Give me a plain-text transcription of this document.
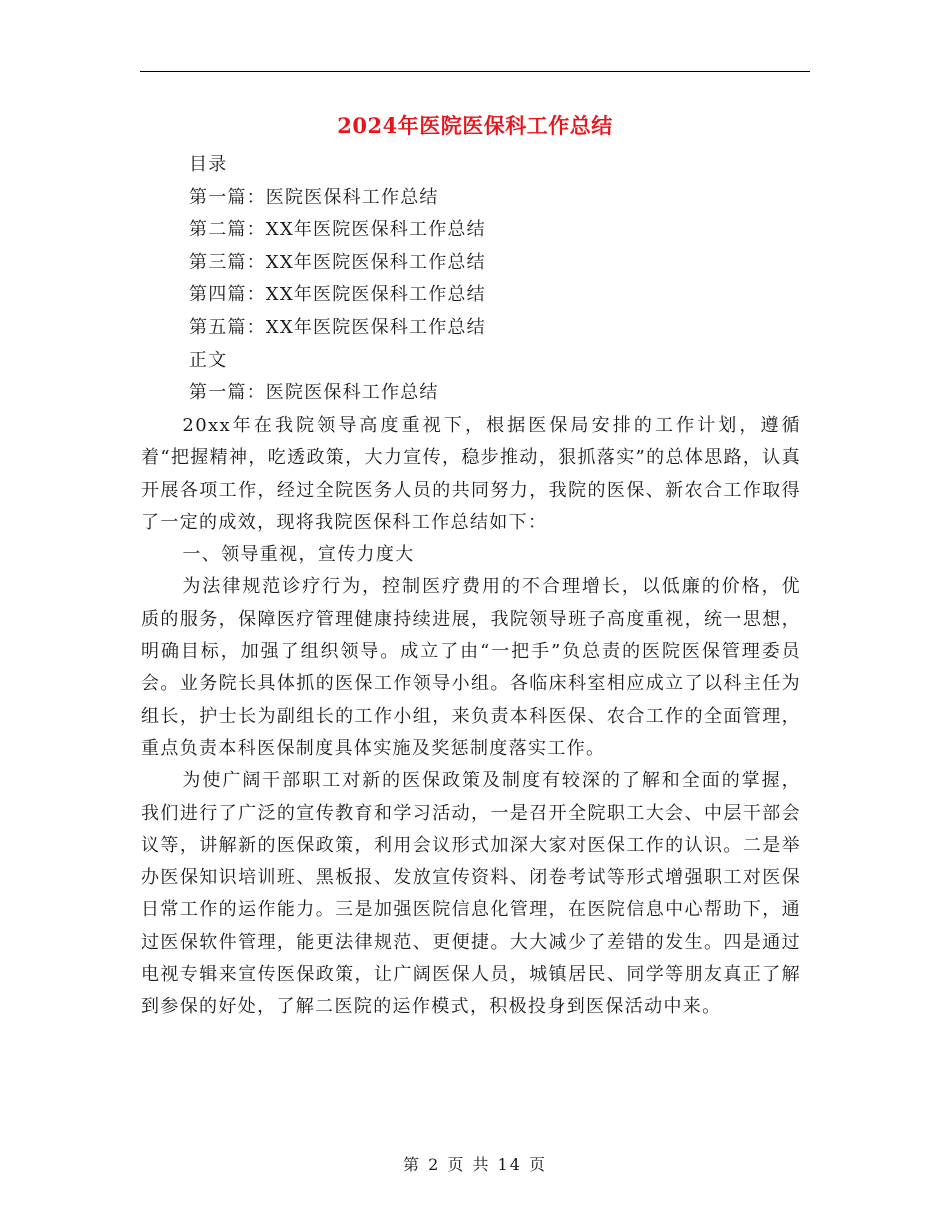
2024年医院医保科工作总结
目录
第一篇：医院医保科工作总结
第二篇：XX年医院医保科工作总结
第三篇：XX年医院医保科工作总结
第四篇：XX年医院医保科工作总结
第五篇：XX年医院医保科工作总结
正文
第一篇：医院医保科工作总结

20xx年在我院领导高度重视下，根据医保局安排的工作计划，遵循着“把握精神，吃透政策，大力宣传，稳步推动，狠抓落实”的总体思路，认真开展各项工作，经过全院医务人员的共同努力，我院的医保、新农合工作取得了一定的成效，现将我院医保科工作总结如下：

一、领导重视，宣传力度大

为法律规范诊疗行为，控制医疗费用的不合理增长，以低廉的价格，优质的服务，保障医疗管理健康持续进展，我院领导班子高度重视，统一思想，明确目标，加强了组织领导。成立了由“一把手”负总责的医院医保管理委员会。业务院长具体抓的医保工作领导小组。各临床科室相应成立了以科主任为组长，护士长为副组长的工作小组，来负责本科医保、农合工作的全面管理，重点负责本科医保制度具体实施及奖惩制度落实工作。

为使广阔干部职工对新的医保政策及制度有较深的了解和全面的掌握，我们进行了广泛的宣传教育和学习活动，一是召开全院职工大会、中层干部会议等，讲解新的医保政策，利用会议形式加深大家对医保工作的认识。二是举办医保知识培训班、黑板报、发放宣传资料、闭卷考试等形式增强职工对医保日常工作的运作能力。三是加强医院信息化管理，在医院信息中心帮助下，通过医保软件管理，能更法律规范、更便捷。大大减少了差错的发生。四是通过电视专辑来宣传医保政策，让广阔医保人员，城镇居民、同学等朋友真正了解到参保的好处，了解二医院的运作模式，积极投身到医保活动中来。

第 2 页 共 14 页
